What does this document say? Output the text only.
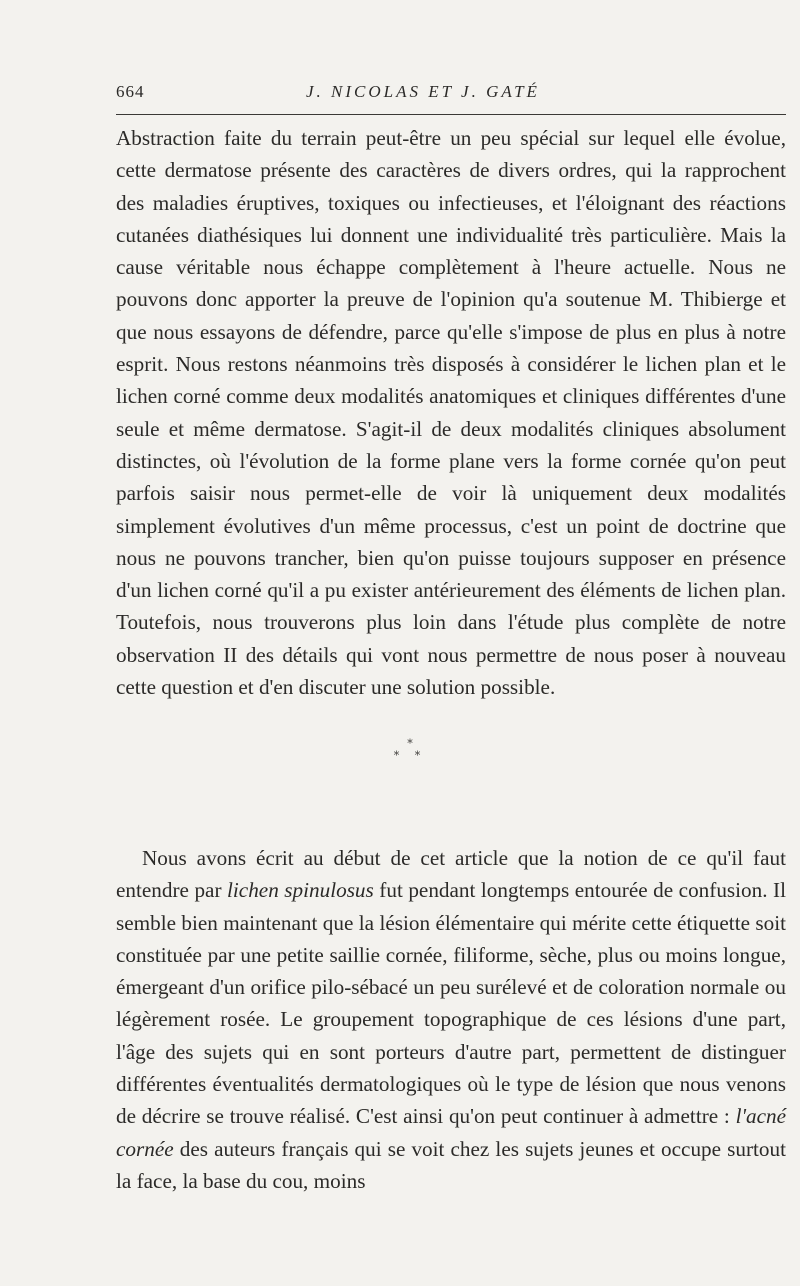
664	J. NICOLAS ET J. GATÉ

Abstraction faite du terrain peut-être un peu spécial sur lequel elle évolue, cette dermatose présente des caractères de divers ordres, qui la rapprochent des maladies éruptives, toxiques ou infectieuses, et l'éloignant des réactions cutanées diathésiques lui donnent une individualité très particulière. Mais la cause véritable nous échappe complètement à l'heure actuelle. Nous ne pouvons donc apporter la preuve de l'opinion qu'a soutenue M. Thibierge et que nous essayons de défendre, parce qu'elle s'impose de plus en plus à notre esprit. Nous restons néanmoins très disposés à considérer le lichen plan et le lichen corné comme deux modalités anatomiques et cliniques différentes d'une seule et même dermatose. S'agit-il de deux modalités cliniques absolument distinctes, où l'évolution de la forme plane vers la forme cornée qu'on peut parfois saisir nous permet-elle de voir là uniquement deux modalités simplement évolutives d'un même processus, c'est un point de doctrine que nous ne pouvons trancher, bien qu'on puisse toujours supposer en présence d'un lichen corné qu'il a pu exister antérieurement des éléments de lichen plan. Toutefois, nous trouverons plus loin dans l'étude plus complète de notre observation II des détails qui vont nous permettre de nous poser à nouveau cette question et d'en discuter une solution possible.

*
* *

Nous avons écrit au début de cet article que la notion de ce qu'il faut entendre par lichen spinulosus fut pendant longtemps entourée de confusion. Il semble bien maintenant que la lésion élémentaire qui mérite cette étiquette soit constituée par une petite saillie cornée, filiforme, sèche, plus ou moins longue, émergeant d'un orifice pilo-sébacé un peu surélevé et de coloration normale ou légèrement rosée. Le groupement topographique de ces lésions d'une part, l'âge des sujets qui en sont porteurs d'autre part, permettent de distinguer différentes éventualités dermatologiques où le type de lésion que nous venons de décrire se trouve réalisé. C'est ainsi qu'on peut continuer à admettre : l'acné cornée des auteurs français qui se voit chez les sujets jeunes et occupe surtout la face, la base du cou, moins
